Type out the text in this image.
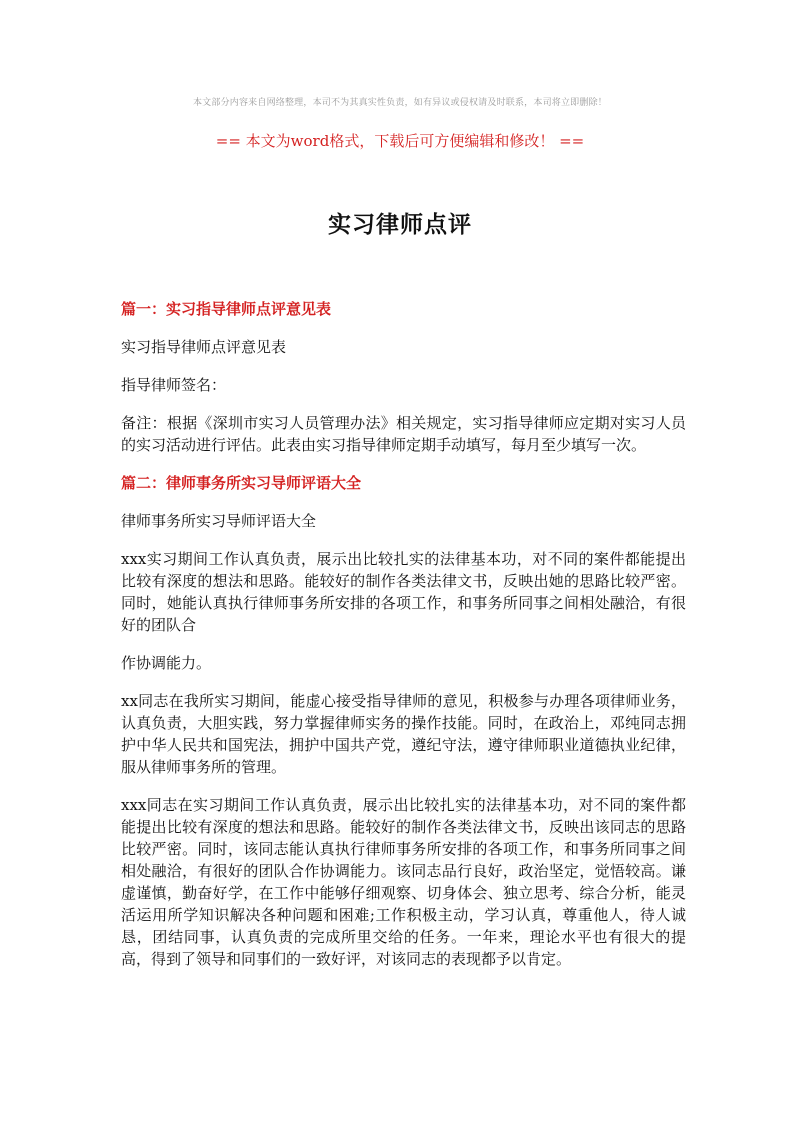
本文部分内容来自网络整理，本司不为其真实性负责，如有异议或侵权请及时联系，本司将立即删除！
== 本文为word格式，下载后可方便编辑和修改！ ==
实习律师点评
篇一：实习指导律师点评意见表

实习指导律师点评意见表

指导律师签名：

备注：根据《深圳市实习人员管理办法》相关规定，实习指导律师应定期对实习人员的实习活动进行评估。此表由实习指导律师定期手动填写，每月至少填写一次。

篇二：律师事务所实习导师评语大全

律师事务所实习导师评语大全

xxx实习期间工作认真负责，展示出比较扎实的法律基本功，对不同的案件都能提出比较有深度的想法和思路。能较好的制作各类法律文书，反映出她的思路比较严密。同时，她能认真执行律师事务所安排的各项工作，和事务所同事之间相处融洽，有很好的团队合

作协调能力。

xx同志在我所实习期间，能虚心接受指导律师的意见，积极参与办理各项律师业务，认真负责，大胆实践，努力掌握律师实务的操作技能。同时，在政治上，邓纯同志拥护中华人民共和国宪法，拥护中国共产党，遵纪守法，遵守律师职业道德执业纪律，服从律师事务所的管理。

xxx同志在实习期间工作认真负责，展示出比较扎实的法律基本功，对不同的案件都能提出比较有深度的想法和思路。能较好的制作各类法律文书，反映出该同志的思路比较严密。同时，该同志能认真执行律师事务所安排的各项工作，和事务所同事之间相处融洽，有很好的团队合作协调能力。该同志品行良好，政治坚定，觉悟较高。谦虚谨慎，勤奋好学，在工作中能够仔细观察、切身体会、独立思考、综合分析，能灵活运用所学知识解决各种问题和困难;工作积极主动，学习认真，尊重他人，待人诚恳，团结同事，认真负责的完成所里交给的任务。一年来，理论水平也有很大的提高，得到了领导和同事们的一致好评，对该同志的表现都予以肯定。
